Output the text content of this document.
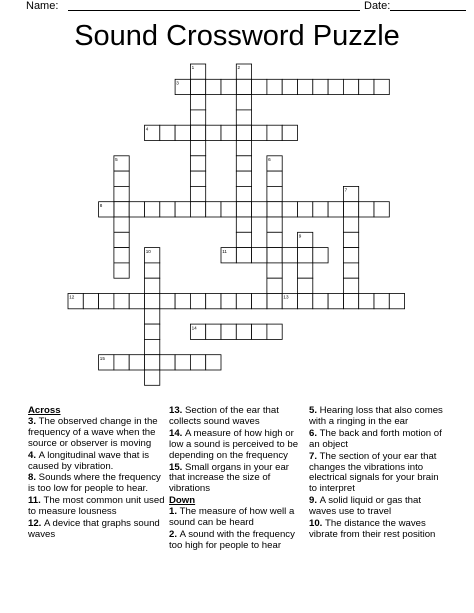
Name:	Date:
Sound Crossword Puzzle
1	2
3
4
5	6
7
8
9
10	11
12	13
14
15
Across
3. The observed change in the frequency of a wave when the source or observer is moving
4. A longitudinal wave that is caused by vibration.
8. Sounds where the frequency is too low for people to hear.
11. The most common unit used to measure lousness
12. A device that graphs sound waves
13. Section of the ear that collects sound waves
14. A measure of how high or low a sound is perceived to be depending on the frequency
15. Small organs in your ear that increase the size of vibrations
Down
1. The measure of how well a sound can be heard
2. A sound with the frequency too high for people to hear
5. Hearing loss that also comes with a ringing in the ear
6. The back and forth motion of an object
7. The section of your ear that changes the vibrations into electrical signals for your brain to interpret
9. A solid liquid or gas that waves use to travel
10. The distance the waves vibrate from their rest position
